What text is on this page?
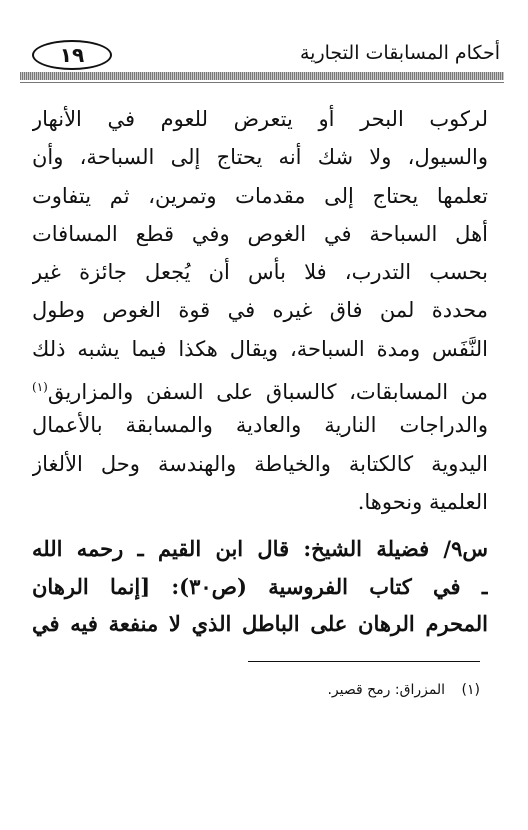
١٩	أحكام المسابقات التجارية
لركوب البحر أو يتعرض للعوم في الأنهار
والسيول، ولا شك أنه يحتاج إلى السباحة، وأن
تعلمها يحتاج إلى مقدمات وتمرين، ثم يتفاوت
أهل السباحة في الغوص وفي قطع المسافات
بحسب التدرب، فلا بأس أن يُجعل جائزة غير
محددة لمن فاق غيره في قوة الغوص وطول
النَّفَس ومدة السباحة، ويقال هكذا فيما يشبه ذلك
من المسابقات، كالسباق على السفن والمزاريق$^{(١)}$
والدراجات النارية والعادية والمسابقة بالأعمال
اليدوية كالكتابة والخياطة والهندسة وحل الألغاز
العلمية ونحوها.
س٩/ فضيلة الشيخ: قال ابن القيم ـ رحمه الله
ـ في كتاب الفروسية (ص٣٠): [إنما الرهان
المحرم الرهان على الباطل الذي لا منفعة فيه في
(١) المزراق: رمح قصير.
